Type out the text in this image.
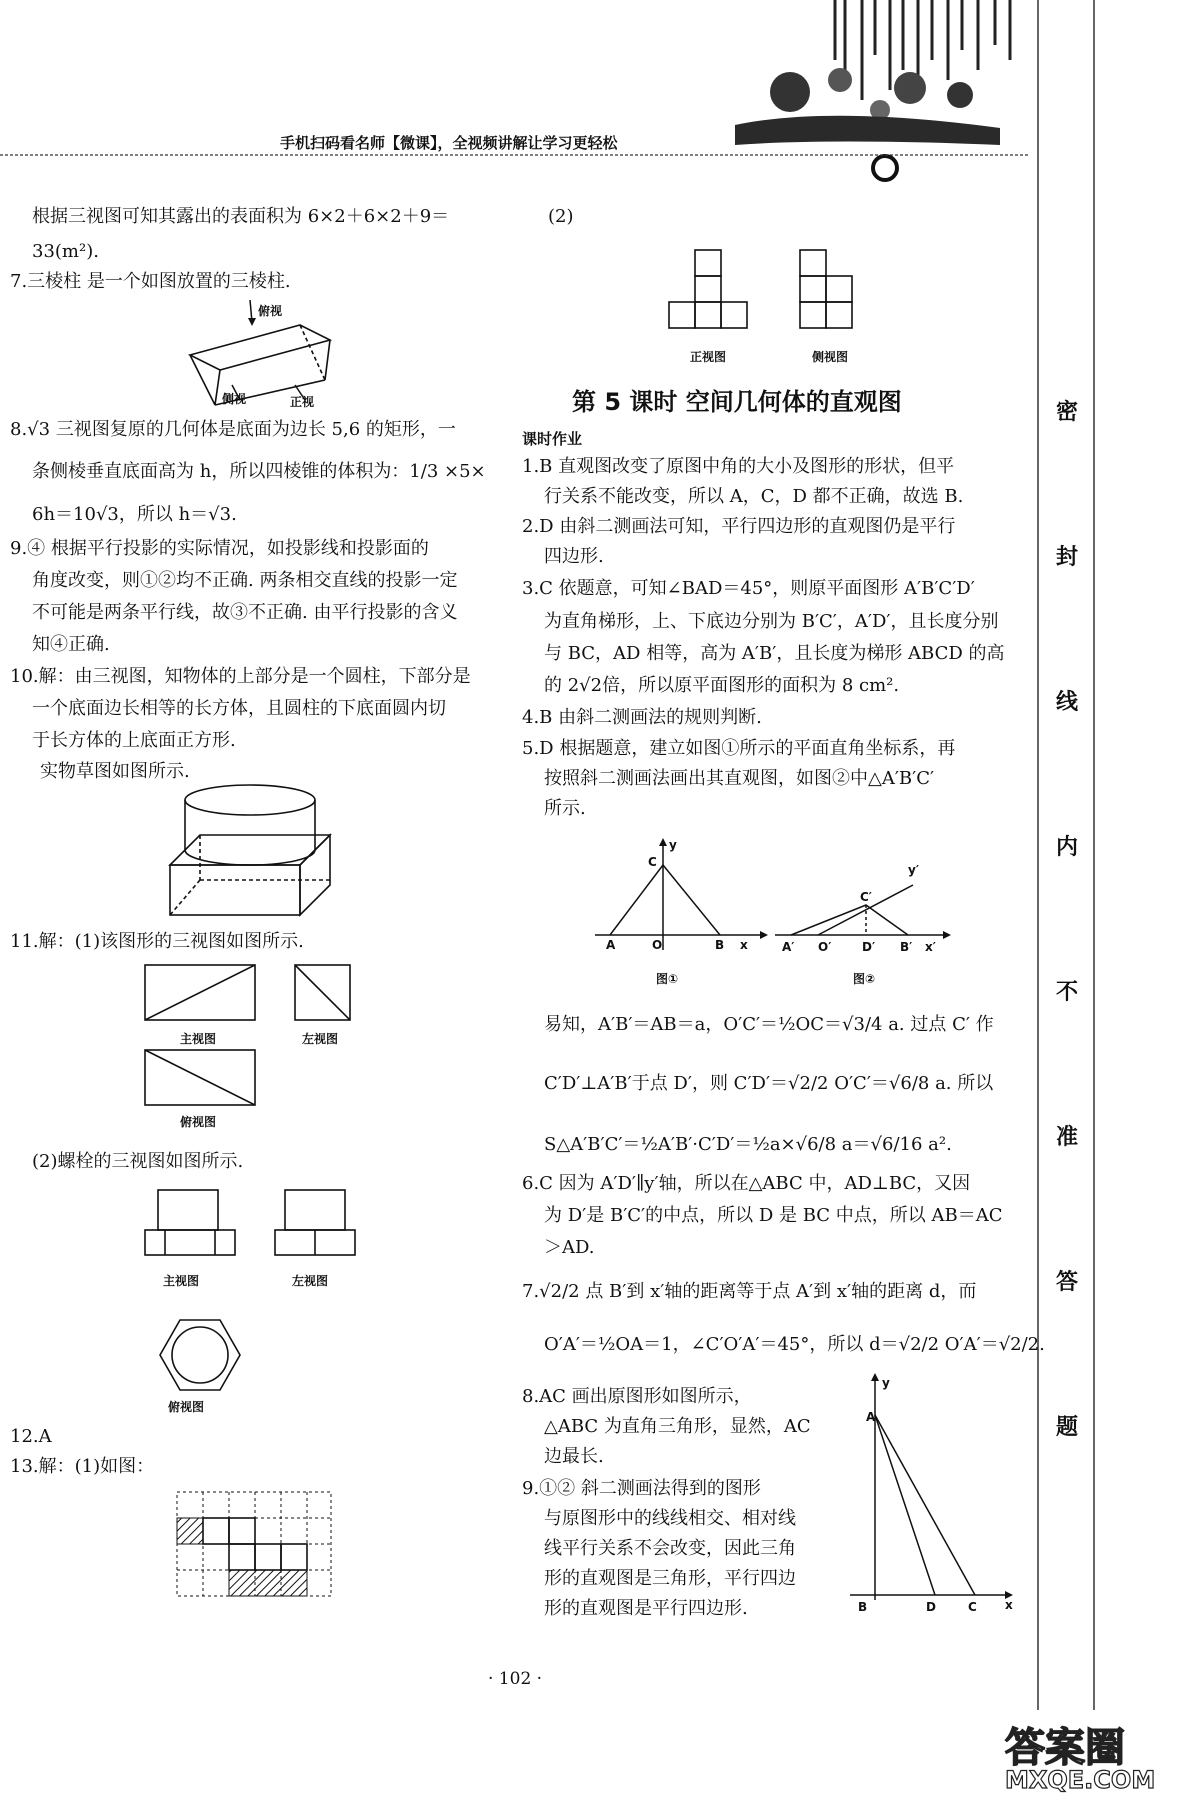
手机扫码看名师【微课】，全视频讲解让学习更轻松
密
封
线
内
不
准
答
题
根据三视图可知其露出的表面积为 6×2＋6×2＋9＝
33(m²).
7.三棱柱 是一个如图放置的三棱柱.
8.√3 三视图复原的几何体是底面为边长 5,6 的矩形，一
条侧棱垂直底面高为 h，所以四棱锥的体积为：1/3 ×5×
6h＝10√3，所以 h＝√3.
9.④ 根据平行投影的实际情况，如投影线和投影面的
角度改变，则①②均不正确. 两条相交直线的投影一定
不可能是两条平行线，故③不正确. 由平行投影的含义
知④正确.
10.解：由三视图，知物体的上部分是一个圆柱，下部分是
一个底面边长相等的长方体，且圆柱的下底面圆内切
于长方体的上底面正方形.
实物草图如图所示.
11.解：(1)该图形的三视图如图所示.
(2)螺栓的三视图如图所示.
12.A
13.解：(1)如图：
俯视
侧视	正视
主视图	左视图
俯视图
主视图	左视图
俯视图
(2)
正视图	侧视图
第 5 课时 空间几何体的直观图
课时作业
1.B 直观图改变了原图中角的大小及图形的形状，但平
行关系不能改变，所以 A，C，D 都不正确，故选 B.
2.D 由斜二测画法可知，平行四边形的直观图仍是平行
四边形.
3.C 依题意，可知∠BAD＝45°，则原平面图形 A′B′C′D′
为直角梯形，上、下底边分别为 B′C′，A′D′，且长度分别
与 BC，AD 相等，高为 A′B′，且长度为梯形 ABCD 的高
的 2√2倍，所以原平面图形的面积为 8 cm².
4.B 由斜二测画法的规则判断.
5.D 根据题意，建立如图①所示的平面直角坐标系，再
按照斜二测画法画出其直观图，如图②中△A′B′C′
所示.
易知，A′B′＝AB＝a，O′C′＝½OC＝√3/4 a. 过点 C′ 作
C′D′⊥A′B′于点 D′，则 C′D′＝√2/2 O′C′＝√6/8 a. 所以
S△A′B′C′＝½A′B′·C′D′＝½a×√6/8 a＝√6/16 a².
6.C 因为 A′D′∥y′轴，所以在△ABC 中，AD⊥BC，又因
为 D′是 B′C′的中点，所以 D 是 BC 中点，所以 AB＝AC
＞AD.
7.√2/2 点 B′到 x′轴的距离等于点 A′到 x′轴的距离 d，而
O′A′＝½OA＝1，∠C′O′A′＝45°，所以 d＝√2/2 O′A′＝√2/2.
8.AC 画出原图形如图所示，
△ABC 为直角三角形，显然，AC
边最长.
9.①② 斜二测画法得到的图形
与原图形中的线线相交、相对线
线平行关系不会改变，因此三角
形的直观图是三角形，平行四边
形的直观图是平行四边形.
C
y
A	O	B x
图①
C′
y′
A′ O′	D′ B′ x′
图②
A
y
B	D	C x
· 102 ·
答案圈
MXQE.COM
